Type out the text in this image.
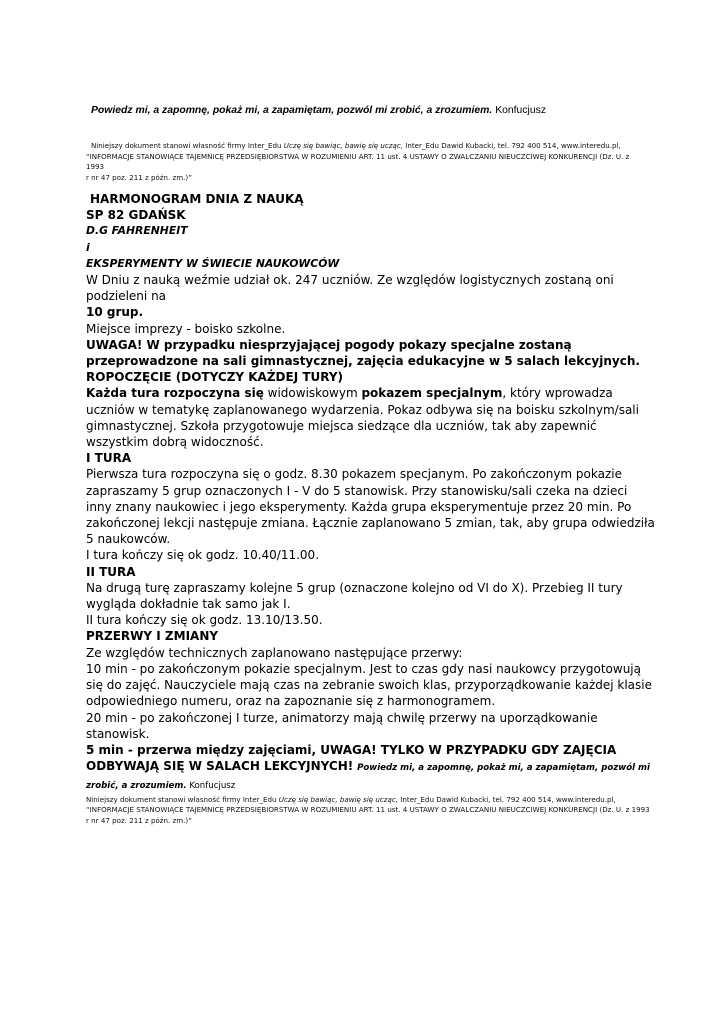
Powiedz mi, a zapomnę, pokaż mi, a zapamiętam, pozwól mi zrobić, a zrozumiem. Konfucjusz
Niniejszy dokument stanowi własność firmy Inter_Edu Uczę się bawiąc, bawię się ucząc, Inter_Edu Dawid Kubacki, tel. 792 400 514, www.interedu.pl,
“INFORMACJE STANOWIĄCE TAJEMNICĘ PRZEDSIĘBIORSTWA W ROZUMIENIU ART. 11 ust. 4 USTAWY O ZWALCZANIU NIEUCZCIWEJ KONKURENCJI (Dz. U. z 1993
r nr 47 poz. 211 z późn. zm.)”

HARMONOGRAM DNIA Z NAUKĄ

SP 82 GDAŃSK

D.G FAHRENHEIT

i

EKSPERYMENTY W ŚWIECIE NAUKOWCÓW

W Dniu z nauką weźmie udział ok. 247 uczniów. Ze względów logistycznych zostaną oni podzieleni na

10 grup.

Miejsce imprezy - boisko szkolne.

UWAGA! W przypadku niesprzyjającej pogody pokazy specjalne zostaną przeprowadzone na sali gimnastycznej, zajęcia edukacyjne w 5 salach lekcyjnych.

ROPOCZĘCIE (DOTYCZY KAŻDEJ TURY)

Każda tura rozpoczyna się widowiskowym pokazem specjalnym, który wprowadza uczniów w tematykę zaplanowanego wydarzenia. Pokaz odbywa się na boisku szkolnym/sali gimnastycznej. Szkoła przygotowuje miejsca siedzące dla uczniów, tak aby zapewnić wszystkim dobrą widoczność.

I TURA

Pierwsza tura rozpoczyna się o godz. 8.30 pokazem specjanym. Po zakończonym pokazie zapraszamy 5 grup oznaczonych I - V do 5 stanowisk. Przy stanowisku/sali czeka na dzieci inny znany naukowiec i jego eksperymenty. Każda grupa eksperymentuje przez 20 min. Po zakończonej lekcji następuje zmiana. Łącznie zaplanowano 5 zmian, tak, aby grupa odwiedziła 5 naukowców.

I tura kończy się ok godz. 10.40/11.00.

II TURA

Na drugą turę zapraszamy kolejne 5 grup (oznaczone kolejno od VI do X). Przebieg II tury wygląda dokładnie tak samo jak I.

II tura kończy się ok godz. 13.10/13.50.

PRZERWY I ZMIANY

Ze względów technicznych zaplanowano następujące przerwy:

10 min - po zakończonym pokazie specjalnym. Jest to czas gdy nasi naukowcy przygotowują się do zajęć. Nauczyciele mają czas na zebranie swoich klas, przyporządkowanie każdej klasie odpowiedniego numeru, oraz na zapoznanie się z harmonogramem.

20 min - po zakończonej I turze, animatorzy mają chwilę przerwy na uporządkowanie stanowisk.

5 min - przerwa między zajęciami, UWAGA! TYLKO W PRZYPADKU GDY ZAJĘCIA ODBYWAJĄ SIĘ W SALACH LEKCYJNYCH! Powiedz mi, a zapomnę, pokaż mi, a zapamiętam, pozwól mi zrobić, a zrozumiem. Konfucjusz

Niniejszy dokument stanowi własność firmy Inter_Edu Uczę się bawiąc, bawię się ucząc, Inter_Edu Dawid Kubacki, tel. 792 400 514, www.interedu.pl,
“INFORMACJE STANOWIĄCE TAJEMNICĘ PRZEDSIĘBIORSTWA W ROZUMIENIU ART. 11 ust. 4 USTAWY O ZWALCZANIU NIEUCZCIWEJ KONKURENCJI (Dz. U. z 1993
r nr 47 poz. 211 z późn. zm.)”
